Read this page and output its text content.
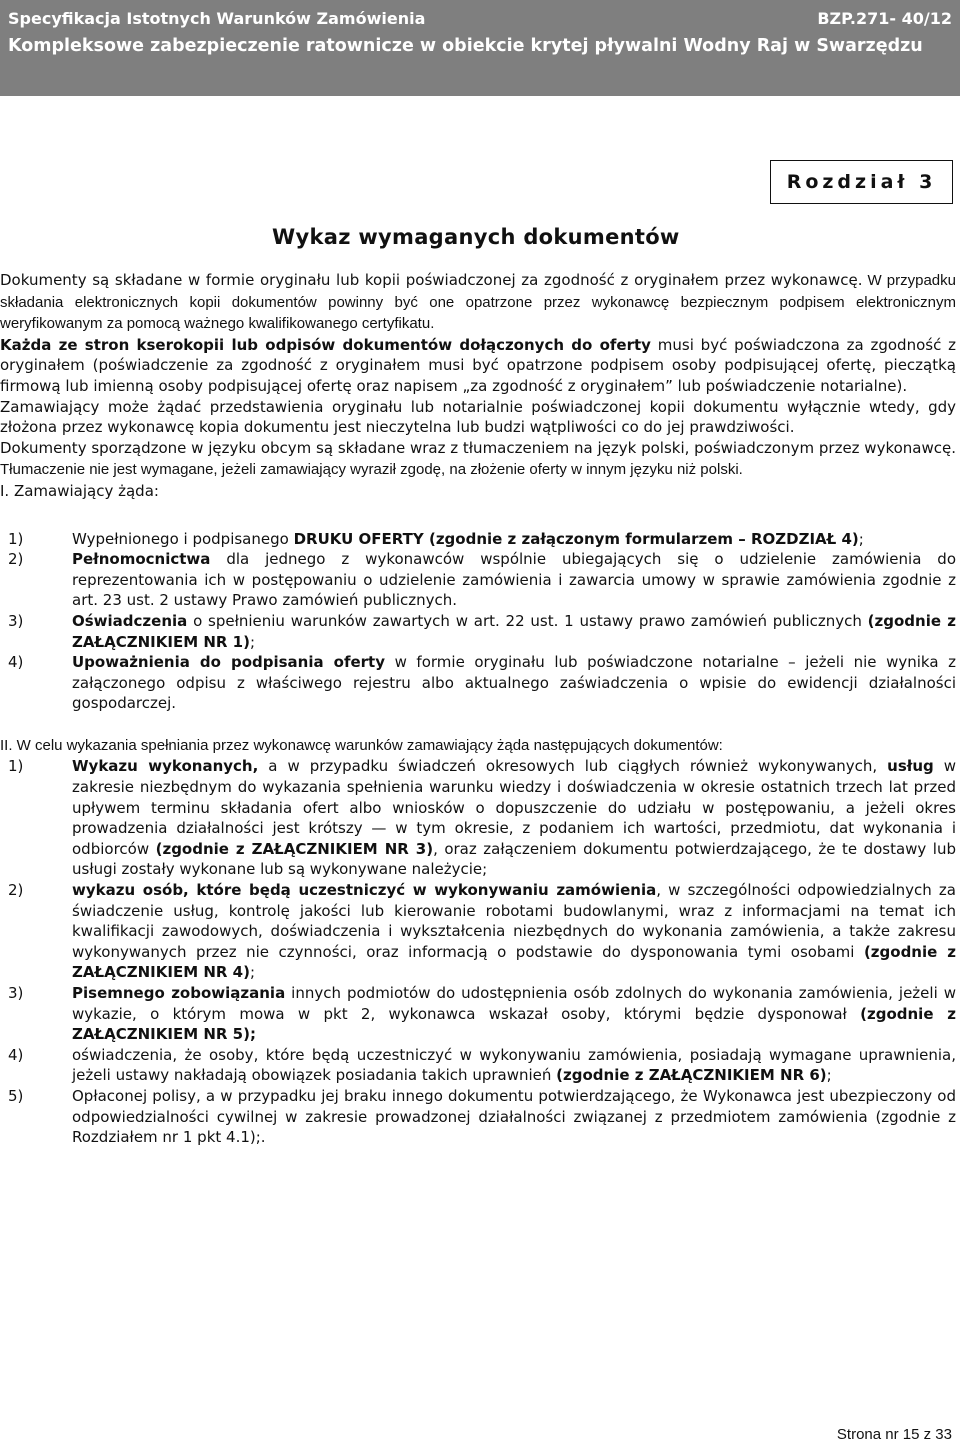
Specyfikacja Istotnych Warunków Zamówienia	BZP.271- 40/12
Kompleksowe zabezpieczenie ratownicze w obiekcie krytej pływalni Wodny Raj w Swarzędzu
Rozdział 3
Wykaz wymaganych dokumentów

Dokumenty są składane w formie oryginału lub kopii poświadczonej za zgodność z oryginałem przez wykonawcę. W przypadku składania elektronicznych kopii dokumentów powinny być one opatrzone przez wykonawcę bezpiecznym podpisem elektronicznym weryfikowanym za pomocą ważnego kwalifikowanego certyfikatu.

Każda ze stron kserokopii lub odpisów dokumentów dołączonych do oferty musi być poświadczona za zgodność z oryginałem (poświadczenie za zgodność z oryginałem musi być opatrzone podpisem osoby podpisującej ofertę, pieczątką firmową lub imienną osoby podpisującej ofertę oraz napisem „za zgodność z oryginałem” lub poświadczenie notarialne).

Zamawiający może żądać przedstawienia oryginału lub notarialnie poświadczonej kopii dokumentu wyłącznie wtedy, gdy złożona przez wykonawcę kopia dokumentu jest nieczytelna lub budzi wątpliwości co do jej prawdziwości.

Dokumenty sporządzone w języku obcym są składane wraz z tłumaczeniem na język polski, poświadczonym przez wykonawcę. Tłumaczenie nie jest wymagane, jeżeli zamawiający wyraził zgodę, na złożenie oferty w innym języku niż polski.

I. Zamawiający żąda:

1)	Wypełnionego i podpisanego DRUKU OFERTY (zgodnie z załączonym formularzem – ROZDZIAŁ 4);
2)	Pełnomocnictwa dla jednego z wykonawców wspólnie ubiegających się o udzielenie zamówienia do reprezentowania ich w postępowaniu o udzielenie zamówienia i zawarcia umowy w sprawie zamówienia zgodnie z art. 23 ust. 2 ustawy Prawo zamówień publicznych.
3)	Oświadczenia o spełnieniu warunków zawartych w art. 22 ust. 1 ustawy prawo zamówień publicznych (zgodnie z ZAŁĄCZNIKIEM NR 1);
4)	Upoważnienia do podpisania oferty w formie oryginału lub poświadczone notarialne – jeżeli nie wynika z załączonego odpisu z właściwego rejestru albo aktualnego zaświadczenia o wpisie do ewidencji działalności gospodarczej.

II. W celu wykazania spełniania przez wykonawcę warunków zamawiający żąda następujących dokumentów:

1)	Wykazu wykonanych, a w przypadku świadczeń okresowych lub ciągłych również wykonywanych, usług w zakresie niezbędnym do wykazania spełnienia warunku wiedzy i doświadczenia w okresie ostatnich trzech lat przed upływem terminu składania ofert albo wniosków o dopuszczenie do udziału w postępowaniu, a jeżeli okres prowadzenia działalności jest krótszy — w tym okresie, z podaniem ich wartości, przedmiotu, dat wykonania i odbiorców (zgodnie z ZAŁĄCZNIKIEM NR 3), oraz załączeniem dokumentu potwierdzającego, że te dostawy lub usługi zostały wykonane lub są wykonywane należycie;
2)	wykazu osób, które będą uczestniczyć w wykonywaniu zamówienia, w szczególności odpowiedzialnych za świadczenie usług, kontrolę jakości lub kierowanie robotami budowlanymi, wraz z informacjami na temat ich kwalifikacji zawodowych, doświadczenia i wykształcenia niezbędnych do wykonania zamówienia, a także zakresu wykonywanych przez nie czynności, oraz informacją o podstawie do dysponowania tymi osobami (zgodnie z ZAŁĄCZNIKIEM NR 4);
3)	Pisemnego zobowiązania innych podmiotów do udostępnienia osób zdolnych do wykonania zamówienia, jeżeli w wykazie, o którym mowa w pkt 2, wykonawca wskazał osoby, którymi będzie dysponował (zgodnie z ZAŁĄCZNIKIEM NR 5);
4)	oświadczenia, że osoby, które będą uczestniczyć w wykonywaniu zamówienia, posiadają wymagane uprawnienia, jeżeli ustawy nakładają obowiązek posiadania takich uprawnień (zgodnie z ZAŁĄCZNIKIEM NR 6);
5)	Opłaconej polisy, a w przypadku jej braku innego dokumentu potwierdzającego, że Wykonawca jest ubezpieczony od odpowiedzialności cywilnej w zakresie prowadzonej działalności związanej z przedmiotem zamówienia (zgodnie z Rozdziałem nr 1 pkt 4.1);.
Strona nr 15 z 33
